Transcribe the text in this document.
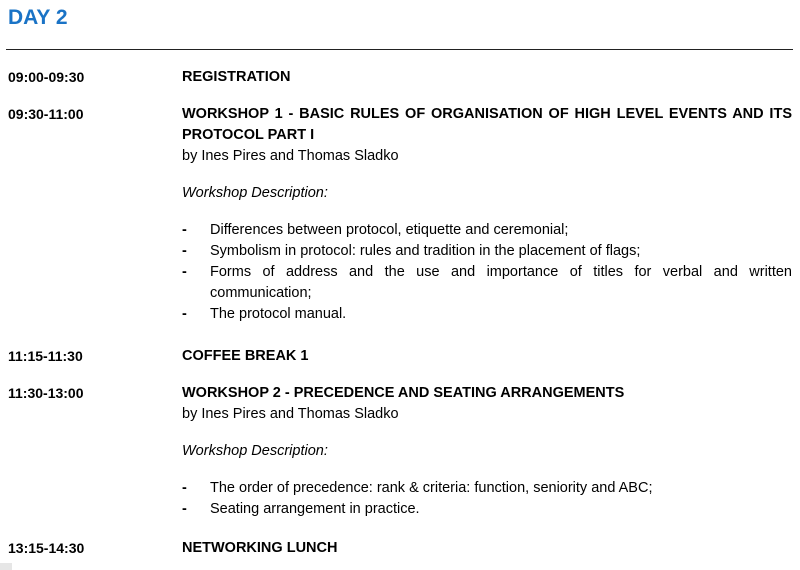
DAY 2
09:00-09:30	REGISTRATION
09:30-11:00	WORKSHOP 1 - BASIC RULES OF ORGANISATION OF HIGH LEVEL EVENTS AND ITS PROTOCOL PART I
by Ines Pires and Thomas Sladko
Workshop Description:
- Differences between protocol, etiquette and ceremonial;
- Symbolism in protocol: rules and tradition in the placement of flags;
- Forms of address and the use and importance of titles for verbal and written communication;
- The protocol manual.
11:15-11:30	COFFEE BREAK 1
11:30-13:00	WORKSHOP 2 - PRECEDENCE AND SEATING ARRANGEMENTS
by Ines Pires and Thomas Sladko
Workshop Description:
- The order of precedence: rank & criteria: function, seniority and ABC;
- Seating arrangement in practice.
13:15-14:30	NETWORKING LUNCH
